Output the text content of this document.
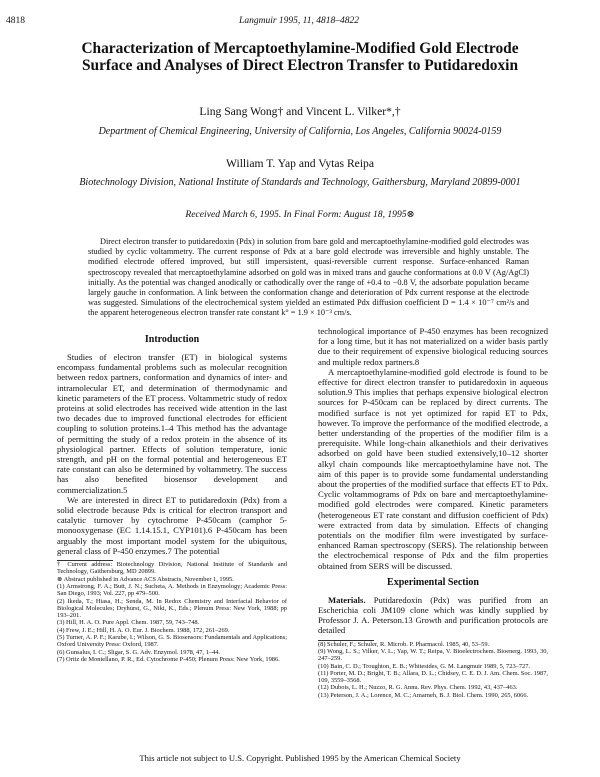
4818	Langmuir 1995, 11, 4818–4822
Characterization of Mercaptoethylamine-Modified Gold Electrode Surface and Analyses of Direct Electron Transfer to Putidaredoxin
Ling Sang Wong† and Vincent L. Vilker*,†
Department of Chemical Engineering, University of California, Los Angeles, California 90024-0159
William T. Yap and Vytas Reipa
Biotechnology Division, National Institute of Standards and Technology, Gaithersburg, Maryland 20899-0001
Received March 6, 1995. In Final Form: August 18, 1995⊗
Direct electron transfer to putidaredoxin (Pdx) in solution from bare gold and mercaptoethylamine-modified gold electrodes was studied by cyclic voltammetry. The current response of Pdx at a bare gold electrode was irreversible and highly unstable. The modified electrode offered improved, but still impersistent, quasi-reversible current response. Surface-enhanced Raman spectroscopy revealed that mercaptoethylamine adsorbed on gold was in mixed trans and gauche conformations at 0.0 V (Ag/AgCl) initially. As the potential was changed anodically or cathodically over the range of +0.4 to −0.8 V, the adsorbate population became largely gauche in conformation. A link between the conformation change and deterioration of Pdx current response at the electrode was suggested. Simulations of the electrochemical system yielded an estimated Pdx diffusion coefficient D = 1.4 × 10⁻⁷ cm²/s and the apparent heterogeneous electron transfer rate constant k° = 1.9 × 10⁻³ cm/s.
Introduction

Studies of electron transfer (ET) in biological systems encompass fundamental problems such as molecular recognition between redox partners, conformation and dynamics of inter- and intramolecular ET, and determination of thermodynamic and kinetic parameters of the ET process. Voltammetric study of redox proteins at solid electrodes has received wide attention in the last two decades due to improved functional electrodes for efficient coupling to solution proteins.1–4 This method has the advantage of permitting the study of a redox protein in the absence of its physiological partner. Effects of solution temperature, ionic strength, and pH on the formal potential and heterogeneous ET rate constant can also be determined by voltammetry. The success has also benefited biosensor development and commercialization.5

We are interested in direct ET to putidaredoxin (Pdx) from a solid electrode because Pdx is critical for electron transport and catalytic turnover by cytochrome P-450cam (camphor 5-monooxygenase (EC 1.14.15.1, CYP101).6 P-450cam has been arguably the most important model system for the ubiquitous, general class of P-450 enzymes.7 The potential

† Current address: Biotechnology Division, National Institute of Standards and Technology, Gaithersburg, MD 20899.

⊗ Abstract published in Advance ACS Abstracts, November 1, 1995.

(1) Armstrong, F. A.; Butt, J. N.; Sucheta, A. Methods in Enzymology; Academic Press: San Diego, 1993; Vol. 227, pp 479–500.

(2) Ikeda, T.; Hiasa, H.; Senda, M. In Redox Chemistry and Interfacial Behavior of Biological Molecules; Dryhurst, G., Niki, K., Eds.; Plenum Press: New York, 1988; pp 193–201.

(3) Hill, H. A. O. Pure Appl. Chem. 1987, 59, 743–748.

(4) Frew, J. E.; Hill, H. A. O. Eur. J. Biochem. 1988, 172, 261–269.

(5) Turner, A. P. F.; Karube, I.; Wilson, G. S. Biosensors: Fundamentals and Applications; Oxford University Press: Oxford, 1987.

(6) Gunsalus, I. C.; Sligar, S. G. Adv. Enzymol. 1978, 47, 1–44.

(7) Ortiz de Montellano, P. R., Ed. Cytochrome P-450; Plenum Press: New York, 1986.

technological importance of P-450 enzymes has been recognized for a long time, but it has not materialized on a wider basis partly due to their requirement of expensive biological reducing sources and multiple redox partners.8

A mercaptoethylamine-modified gold electrode is found to be effective for direct electron transfer to putidaredoxin in aqueous solution.9 This implies that perhaps expensive biological electron sources for P-450cam can be replaced by direct currents. The modified surface is not yet optimized for rapid ET to Pdx, however. To improve the performance of the modified electrode, a better understanding of the properties of the modifier film is a prerequisite. While long-chain alkanethiols and their derivatives adsorbed on gold have been studied extensively,10–12 shorter alkyl chain compounds like mercaptoethylamine have not. The aim of this paper is to provide some fundamental understanding about the properties of the modified surface that effects ET to Pdx. Cyclic voltammograms of Pdx on bare and mercaptoethylamine-modified gold electrodes were compared. Kinetic parameters (heterogeneous ET rate constant and diffusion coefficient of Pdx) were extracted from data by simulation. Effects of changing potentials on the modifier film were investigated by surface-enhanced Raman spectroscopy (SERS). The relationship between the electrochemical response of Pdx and the film properties obtained from SERS will be discussed.

Experimental Section

Materials. Putidaredoxin (Pdx) was purified from an Escherichia coli JM109 clone which was kindly supplied by Professor J. A. Peterson.13 Growth and purification protocols are detailed

(8) Schuler, F.; Schuler, R. Microb. P. Pharmacol. 1985, 40, 53–59.

(9) Wong, L. S.; Vilker, V. L.; Yap, W. T.; Reipa, V. Bioelectrochem. Bioenerg. 1993, 30, 247–259.

(10) Bain, C. D.; Troughton, E. B.; Whitesides, G. M. Langmuir 1989, 5, 723–727.

(11) Porter, M. D.; Bright, T. B.; Allara, D. L.; Chidsey, C. E. D. J. Am. Chem. Soc. 1987, 109, 3559–3568.

(12) Dubois, L. H.; Nuzzo, R. G. Annu. Rev. Phys. Chem. 1992, 43, 437–463.

(13) Peterson, J. A.; Lorence, M. C.; Amarneh, B. J. Biol. Chem. 1990, 265, 6066.

This article not subject to U.S. Copyright. Published 1995 by the American Chemical Society
